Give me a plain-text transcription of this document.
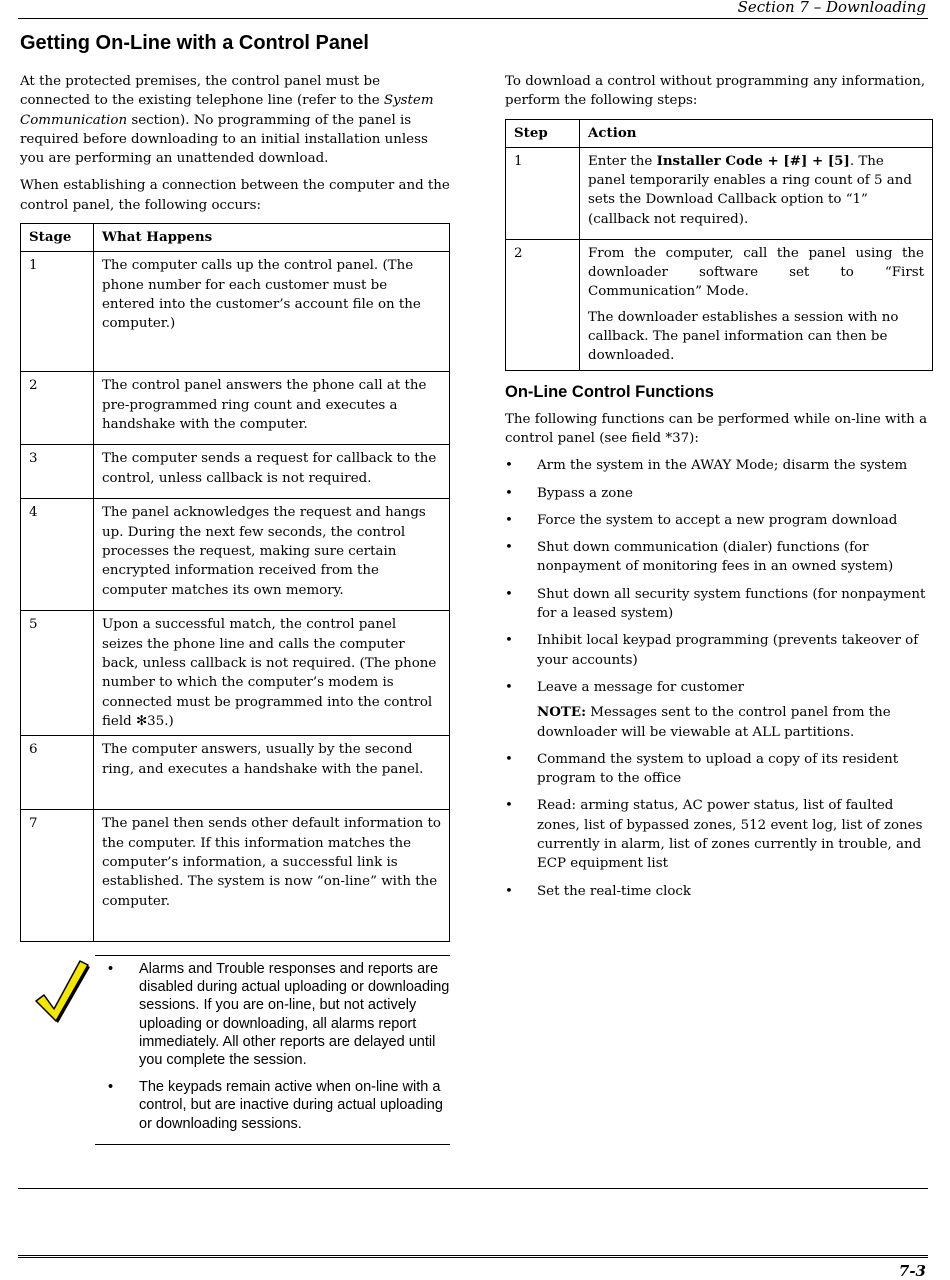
Section 7 – Downloading
Getting On-Line with a Control Panel

At the protected premises, the control panel must be connected to the existing telephone line (refer to the System Communication section). No programming of the panel is required before downloading to an initial installation unless you are performing an unattended download.

When establishing a connection between the computer and the control panel, the following occurs:

Stage	What Happens
1	The computer calls up the control panel. (The phone number for each customer must be entered into the customer’s account file on the computer.)
2	The control panel answers the phone call at the pre-programmed ring count and executes a handshake with the computer.
3	The computer sends a request for callback to the control, unless callback is not required.
4	The panel acknowledges the request and hangs up. During the next few seconds, the control processes the request, making sure certain encrypted information received from the computer matches its own memory.
5	Upon a successful match, the control panel seizes the phone line and calls the computer back, unless callback is not required. (The phone number to which the computer’s modem is connected must be programmed into the control field ✻35.)
6	The computer answers, usually by the second ring, and executes a handshake with the panel.
7	The panel then sends other default information to the computer. If this information matches the computer’s information, a successful link is established. The system is now “on-line” with the computer.
• Alarms and Trouble responses and reports are disabled during actual uploading or downloading sessions. If you are on-line, but not actively uploading or downloading, all alarms report immediately. All other reports are delayed until you complete the session.
• The keypads remain active when on-line with a control, but are inactive during actual uploading or downloading sessions.

To download a control without programming any information, perform the following steps:

Step	Action
1	Enter the Installer Code + [#] + [5]. The panel temporarily enables a ring count of 5 and sets the Download Callback option to “1” (callback not required).
2	From the computer, call the panel using the downloader software set to “First Communication” Mode.
The downloader establishes a session with no callback. The panel information can then be downloaded.
On-Line Control Functions

The following functions can be performed while on-line with a control panel (see field *37):

• Arm the system in the AWAY Mode; disarm the system
• Bypass a zone
• Force the system to accept a new program download
• Shut down communication (dialer) functions (for nonpayment of monitoring fees in an owned system)
• Shut down all security system functions (for nonpayment for a leased system)
• Inhibit local keypad programming (prevents takeover of your accounts)
• Leave a message for customer
NOTE: Messages sent to the control panel from the downloader will be viewable at ALL partitions.
• Command the system to upload a copy of its resident program to the office
• Read: arming status, AC power status, list of faulted zones, list of bypassed zones, 512 event log, list of zones currently in alarm, list of zones currently in trouble, and ECP equipment list
• Set the real-time clock
7-3
